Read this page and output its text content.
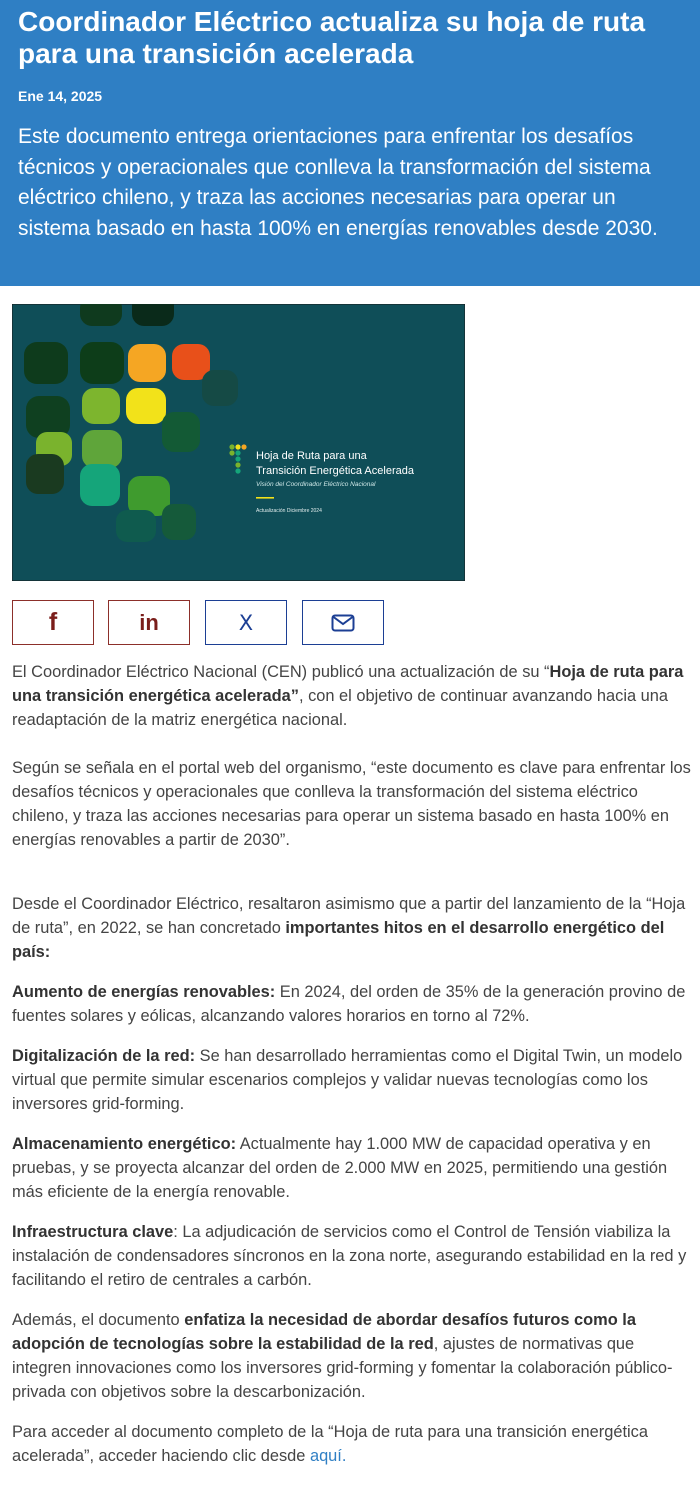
Coordinador Eléctrico actualiza su hoja de ruta para una transición acelerada
Ene 14, 2025
Este documento entrega orientaciones para enfrentar los desafíos técnicos y operacionales que conlleva la transformación del sistema eléctrico chileno, y traza las acciones necesarias para operar un sistema basado en hasta 100% en energías renovables desde 2030.
Hoja de Ruta para una
Transición Energética Acelerada
Visión del Coordinador Eléctrico Nacional
Actualización Diciembre 2024
f	in	X

El Coordinador Eléctrico Nacional (CEN) publicó una actualización de su “Hoja de ruta para una transición energética acelerada”, con el objetivo de continuar avanzando hacia una readaptación de la matriz energética nacional.

Según se señala en el portal web del organismo, “este documento es clave para enfrentar los desafíos técnicos y operacionales que conlleva la transformación del sistema eléctrico chileno, y traza las acciones necesarias para operar un sistema basado en hasta 100% en energías renovables a partir de 2030”.

Desde el Coordinador Eléctrico, resaltaron asimismo que a partir del lanzamiento de la “Hoja de ruta”, en 2022, se han concretado importantes hitos en el desarrollo energético del país:

Aumento de energías renovables: En 2024, del orden de 35% de la generación provino de fuentes solares y eólicas, alcanzando valores horarios en torno al 72%.

Digitalización de la red: Se han desarrollado herramientas como el Digital Twin, un modelo virtual que permite simular escenarios complejos y validar nuevas tecnologías como los inversores grid-forming.

Almacenamiento energético: Actualmente hay 1.000 MW de capacidad operativa y en pruebas, y se proyecta alcanzar del orden de 2.000 MW en 2025, permitiendo una gestión más eficiente de la energía renovable.

Infraestructura clave: La adjudicación de servicios como el Control de Tensión viabiliza la instalación de condensadores síncronos en la zona norte, asegurando estabilidad en la red y facilitando el retiro de centrales a carbón.

Además, el documento enfatiza la necesidad de abordar desafíos futuros como la adopción de tecnologías sobre la estabilidad de la red, ajustes de normativas que integren innovaciones como los inversores grid-forming y fomentar la colaboración público-privada con objetivos sobre la descarbonización.

Para acceder al documento completo de la “Hoja de ruta para una transición energética acelerada”, acceder haciendo clic desde aquí.
